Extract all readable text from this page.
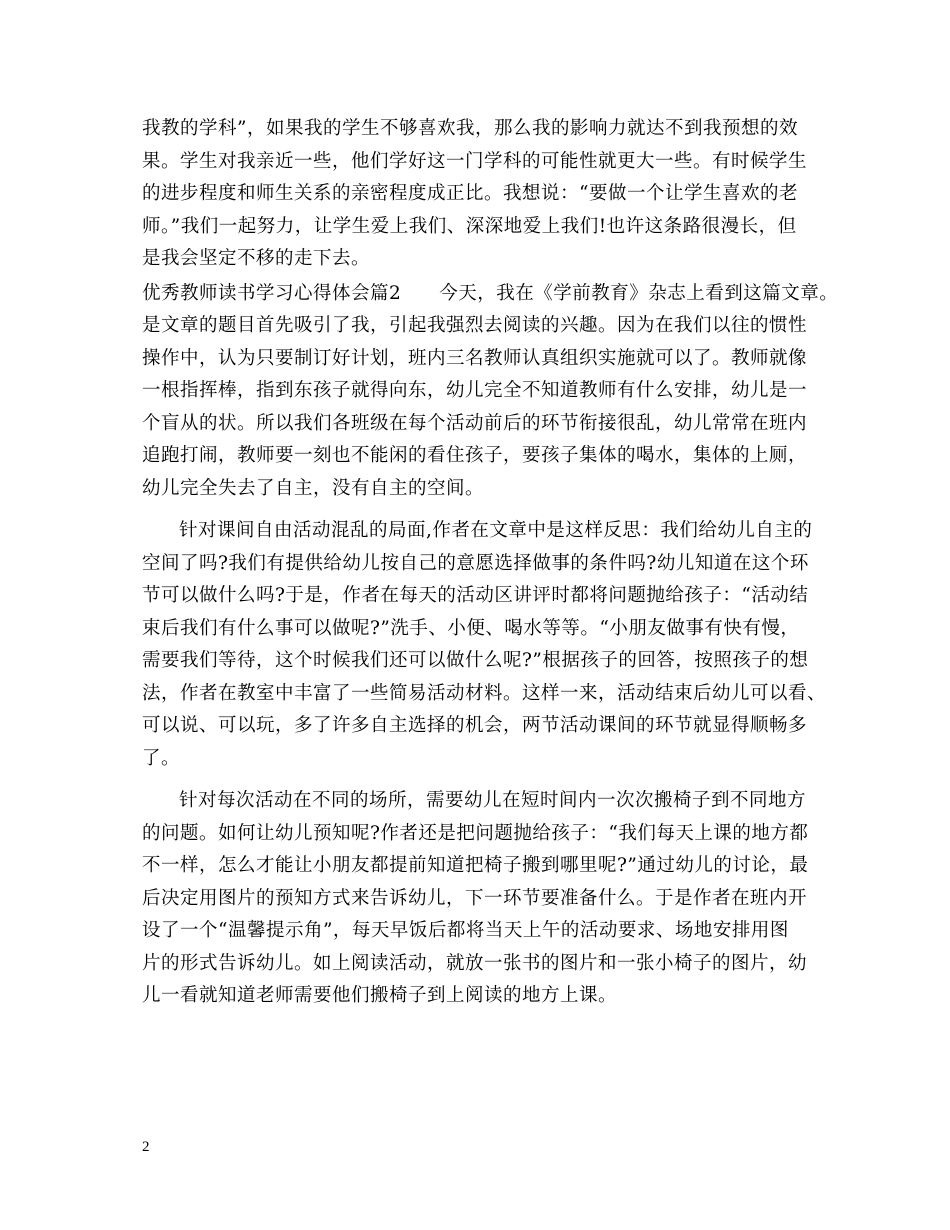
我教的学科”，如果我的学生不够喜欢我，那么我的影响力就达不到我预想的效
果。学生对我亲近一些，他们学好这一门学科的可能性就更大一些。有时候学生
的进步程度和师生关系的亲密程度成正比。我想说：“要做一个让学生喜欢的老
师。”我们一起努力，让学生爱上我们、深深地爱上我们!也许这条路很漫长，但
是我会坚定不移的走下去。
优秀教师读书学习心得体会篇2　　今天，我在《学前教育》杂志上看到这篇文章。
是文章的题目首先吸引了我，引起我强烈去阅读的兴趣。因为在我们以往的惯性
操作中，认为只要制订好计划，班内三名教师认真组织实施就可以了。教师就像
一根指挥棒，指到东孩子就得向东，幼儿完全不知道教师有什么安排，幼儿是一
个盲从的状。所以我们各班级在每个活动前后的环节衔接很乱，幼儿常常在班内
追跑打闹，教师要一刻也不能闲的看住孩子，要孩子集体的喝水，集体的上厕，
幼儿完全失去了自主，没有自主的空间。
针对课间自由活动混乱的局面,作者在文章中是这样反思：我们给幼儿自主的
空间了吗?我们有提供给幼儿按自己的意愿选择做事的条件吗?幼儿知道在这个环
节可以做什么吗?于是，作者在每天的活动区讲评时都将问题抛给孩子：“活动结
束后我们有什么事可以做呢?”洗手、小便、喝水等等。“小朋友做事有快有慢，
需要我们等待，这个时候我们还可以做什么呢?”根据孩子的回答，按照孩子的想
法，作者在教室中丰富了一些简易活动材料。这样一来，活动结束后幼儿可以看、
可以说、可以玩，多了许多自主选择的机会，两节活动课间的环节就显得顺畅多
了。
针对每次活动在不同的场所，需要幼儿在短时间内一次次搬椅子到不同地方
的问题。如何让幼儿预知呢?作者还是把问题抛给孩子：“我们每天上课的地方都
不一样，怎么才能让小朋友都提前知道把椅子搬到哪里呢?”通过幼儿的讨论，最
后决定用图片的预知方式来告诉幼儿，下一环节要准备什么。于是作者在班内开
设了一个“温馨提示角”，每天早饭后都将当天上午的活动要求、场地安排用图
片的形式告诉幼儿。如上阅读活动，就放一张书的图片和一张小椅子的图片，幼
儿一看就知道老师需要他们搬椅子到上阅读的地方上课。
2
